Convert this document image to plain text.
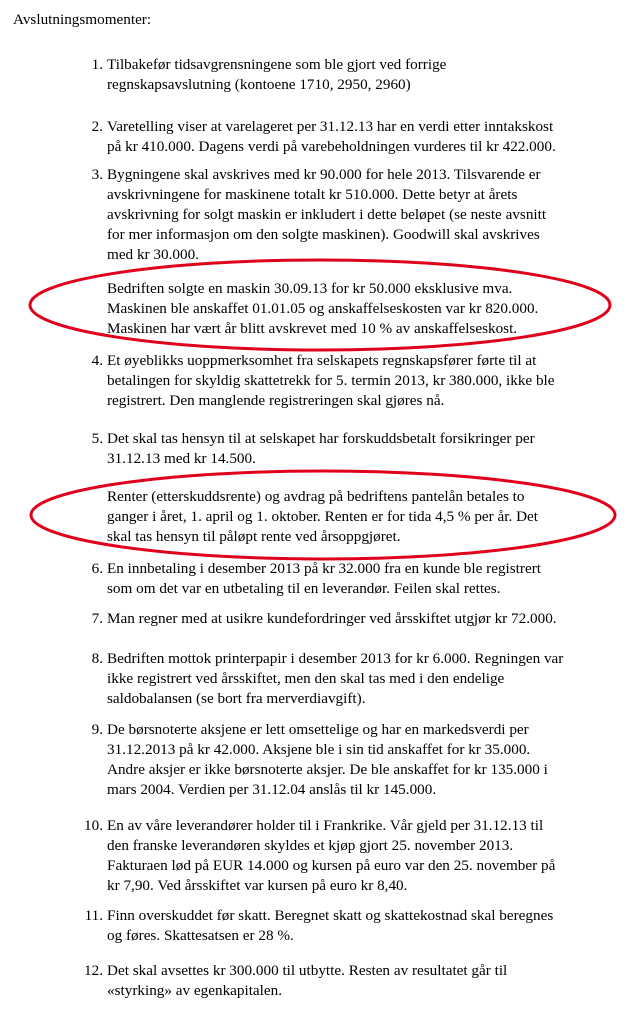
Avslutningsmomenter:
1. Tilbakefør tidsavgrensningene som ble gjort ved forrige
regnskapsavslutning (kontoene 1710, 2950, 2960)
2. Varetelling viser at varelageret per 31.12.13 har en verdi etter inntakskost
på kr 410.000. Dagens verdi på varebeholdningen vurderes til kr 422.000.
3. Bygningene skal avskrives med kr 90.000 for hele 2013. Tilsvarende er
avskrivningene for maskinene totalt kr 510.000. Dette betyr at årets
avskrivning for solgt maskin er inkludert i dette beløpet (se neste avsnitt
for mer informasjon om den solgte maskinen). Goodwill skal avskrives
med kr 30.000.
Bedriften solgte en maskin 30.09.13 for kr 50.000 eksklusive mva.
Maskinen ble anskaffet 01.01.05 og anskaffelseskosten var kr 820.000.
Maskinen har vært år blitt avskrevet med 10 % av anskaffelseskost.
4. Et øyeblikks uoppmerksomhet fra selskapets regnskapsfører førte til at
betalingen for skyldig skattetrekk for 5. termin 2013, kr 380.000, ikke ble
registrert. Den manglende registreringen skal gjøres nå.
5. Det skal tas hensyn til at selskapet har forskuddsbetalt forsikringer per
31.12.13 med kr 14.500.
Renter (etterskuddsrente) og avdrag på bedriftens pantelån betales to
ganger i året, 1. april og 1. oktober. Renten er for tida 4,5 % per år. Det
skal tas hensyn til påløpt rente ved årsoppgjøret.
6. En innbetaling i desember 2013 på kr 32.000 fra en kunde ble registrert
som om det var en utbetaling til en leverandør. Feilen skal rettes.
7. Man regner med at usikre kundefordringer ved årsskiftet utgjør kr 72.000.
8. Bedriften mottok printerpapir i desember 2013 for kr 6.000. Regningen var
ikke registrert ved årsskiftet, men den skal tas med i den endelige
saldobalansen (se bort fra merverdiavgift).
9. De børsnoterte aksjene er lett omsettelige og har en markedsverdi per
31.12.2013 på kr 42.000. Aksjene ble i sin tid anskaffet for kr 35.000.
Andre aksjer er ikke børsnoterte aksjer. De ble anskaffet for kr 135.000 i
mars 2004. Verdien per 31.12.04 anslås til kr 145.000.
10. En av våre leverandører holder til i Frankrike. Vår gjeld per 31.12.13 til
den franske leverandøren skyldes et kjøp gjort 25. november 2013.
Fakturaen lød på EUR 14.000 og kursen på euro var den 25. november på
kr 7,90. Ved årsskiftet var kursen på euro kr 8,40.
11. Finn overskuddet før skatt. Beregnet skatt og skattekostnad skal beregnes
og føres. Skattesatsen er 28 %.
12. Det skal avsettes kr 300.000 til utbytte. Resten av resultatet går til
«styrking» av egenkapitalen.
